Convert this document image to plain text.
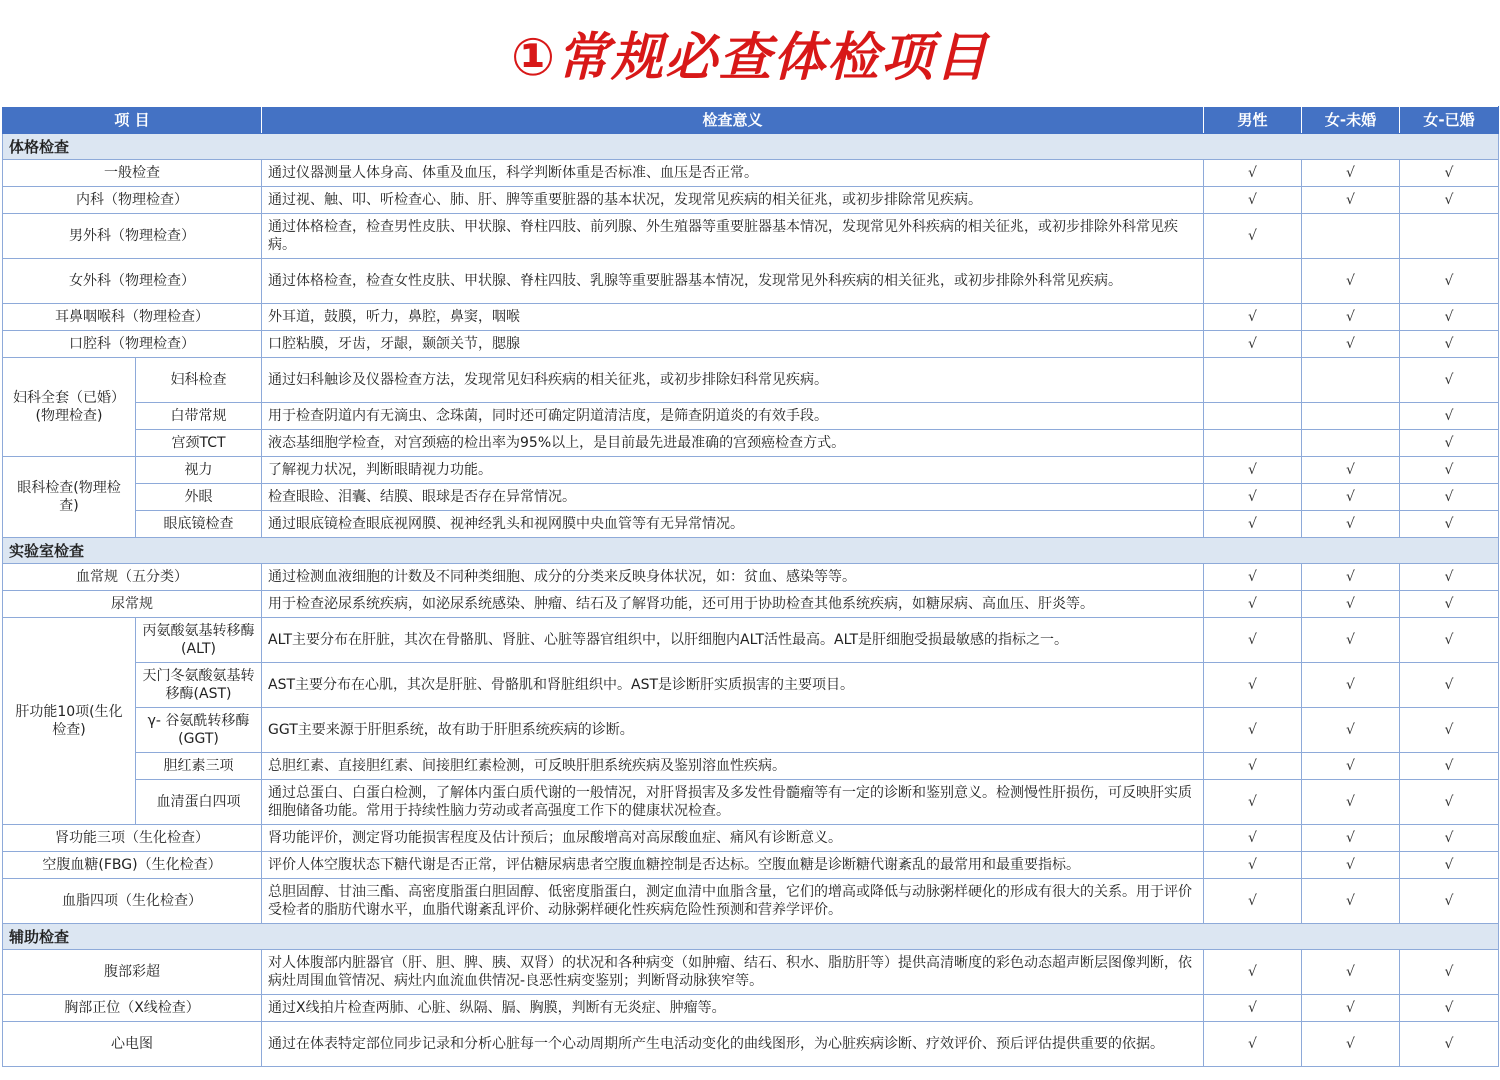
①常规必查体检项目
项 目		检查意义	男性	女-未婚	女-已婚
体格检查					
一般检查		通过仪器测量人体身高、体重及血压，科学判断体重是否标准、血压是否正常。	√	√	√
内科（物理检查）		通过视、触、叩、听检查心、肺、肝、脾等重要脏器的基本状况，发现常见疾病的相关征兆，或初步排除常见疾病。	√	√	√
男外科（物理检查）		通过体格检查，检查男性皮肤、甲状腺、脊柱四肢、前列腺、外生殖器等重要脏器基本情况，发现常见外科疾病的相关征兆，或初步排除外科常见疾病。	√		
女外科（物理检查）		通过体格检查，检查女性皮肤、甲状腺、脊柱四肢、乳腺等重要脏器基本情况，发现常见外科疾病的相关征兆，或初步排除外科常见疾病。		√	√
耳鼻咽喉科（物理检查）		外耳道，鼓膜，听力，鼻腔，鼻窦，咽喉	√	√	√
口腔科（物理检查）		口腔粘膜，牙齿，牙龈，颞颌关节，腮腺	√	√	√
妇科全套（已婚）(物理检查)	妇科检查	通过妇科触诊及仪器检查方法，发现常见妇科疾病的相关征兆，或初步排除妇科常见疾病。			√
	白带常规	用于检查阴道内有无滴虫、念珠菌，同时还可确定阴道清洁度，是筛查阴道炎的有效手段。			√
	宫颈TCT	液态基细胞学检查，对宫颈癌的检出率为95%以上，是目前最先进最准确的宫颈癌检查方式。			√
眼科检查(物理检查)	视力	了解视力状况，判断眼睛视力功能。	√	√	√
	外眼	检查眼睑、泪囊、结膜、眼球是否存在异常情况。	√	√	√
	眼底镜检查	通过眼底镜检查眼底视网膜、视神经乳头和视网膜中央血管等有无异常情况。	√	√	√
实验室检查					
血常规（五分类）		通过检测血液细胞的计数及不同种类细胞、成分的分类来反映身体状况，如：贫血、感染等等。	√	√	√
尿常规		用于检查泌尿系统疾病，如泌尿系统感染、肿瘤、结石及了解肾功能，还可用于协助检查其他系统疾病，如糖尿病、高血压、肝炎等。	√	√	√
肝功能10项(生化检查)	丙氨酸氨基转移酶(ALT)	ALT主要分布在肝脏，其次在骨骼肌、肾脏、心脏等器官组织中，以肝细胞内ALT活性最高。ALT是肝细胞受损最敏感的指标之一。	√	√	√
	天门冬氨酸氨基转移酶(AST)	AST主要分布在心肌，其次是肝脏、骨骼肌和肾脏组织中。AST是诊断肝实质损害的主要项目。	√	√	√
	γ- 谷氨酰转移酶(GGT)	GGT主要来源于肝胆系统，故有助于肝胆系统疾病的诊断。	√	√	√
	胆红素三项	总胆红素、直接胆红素、间接胆红素检测，可反映肝胆系统疾病及鉴别溶血性疾病。	√	√	√
	血清蛋白四项	通过总蛋白、白蛋白检测，了解体内蛋白质代谢的一般情况，对肝肾损害及多发性骨髓瘤等有一定的诊断和鉴别意义。检测慢性肝损伤，可反映肝实质细胞储备功能。常用于持续性脑力劳动或者高强度工作下的健康状况检查。	√	√	√
肾功能三项（生化检查）		肾功能评价，测定肾功能损害程度及估计预后；血尿酸增高对高尿酸血症、痛风有诊断意义。	√	√	√
空腹血糖(FBG)（生化检查）		评价人体空腹状态下糖代谢是否正常，评估糖尿病患者空腹血糖控制是否达标。空腹血糖是诊断糖代谢紊乱的最常用和最重要指标。	√	√	√
血脂四项（生化检查）		总胆固醇、甘油三酯、高密度脂蛋白胆固醇、低密度脂蛋白，测定血清中血脂含量，它们的增高或降低与动脉粥样硬化的形成有很大的关系。用于评价受检者的脂肪代谢水平，血脂代谢紊乱评价、动脉粥样硬化性疾病危险性预测和营养学评价。	√	√	√
辅助检查					
腹部彩超		对人体腹部内脏器官（肝、胆、脾、胰、双肾）的状况和各种病变（如肿瘤、结石、积水、脂肪肝等）提供高清晰度的彩色动态超声断层图像判断，依病灶周围血管情况、病灶内血流血供情况-良恶性病变鉴别；判断肾动脉狭窄等。	√	√	√
胸部正位（X线检查）		通过X线拍片检查两肺、心脏、纵隔、膈、胸膜，判断有无炎症、肿瘤等。	√	√	√
心电图		通过在体表特定部位同步记录和分析心脏每一个心动周期所产生电活动变化的曲线图形，为心脏疾病诊断、疗效评价、预后评估提供重要的依据。	√	√	√
